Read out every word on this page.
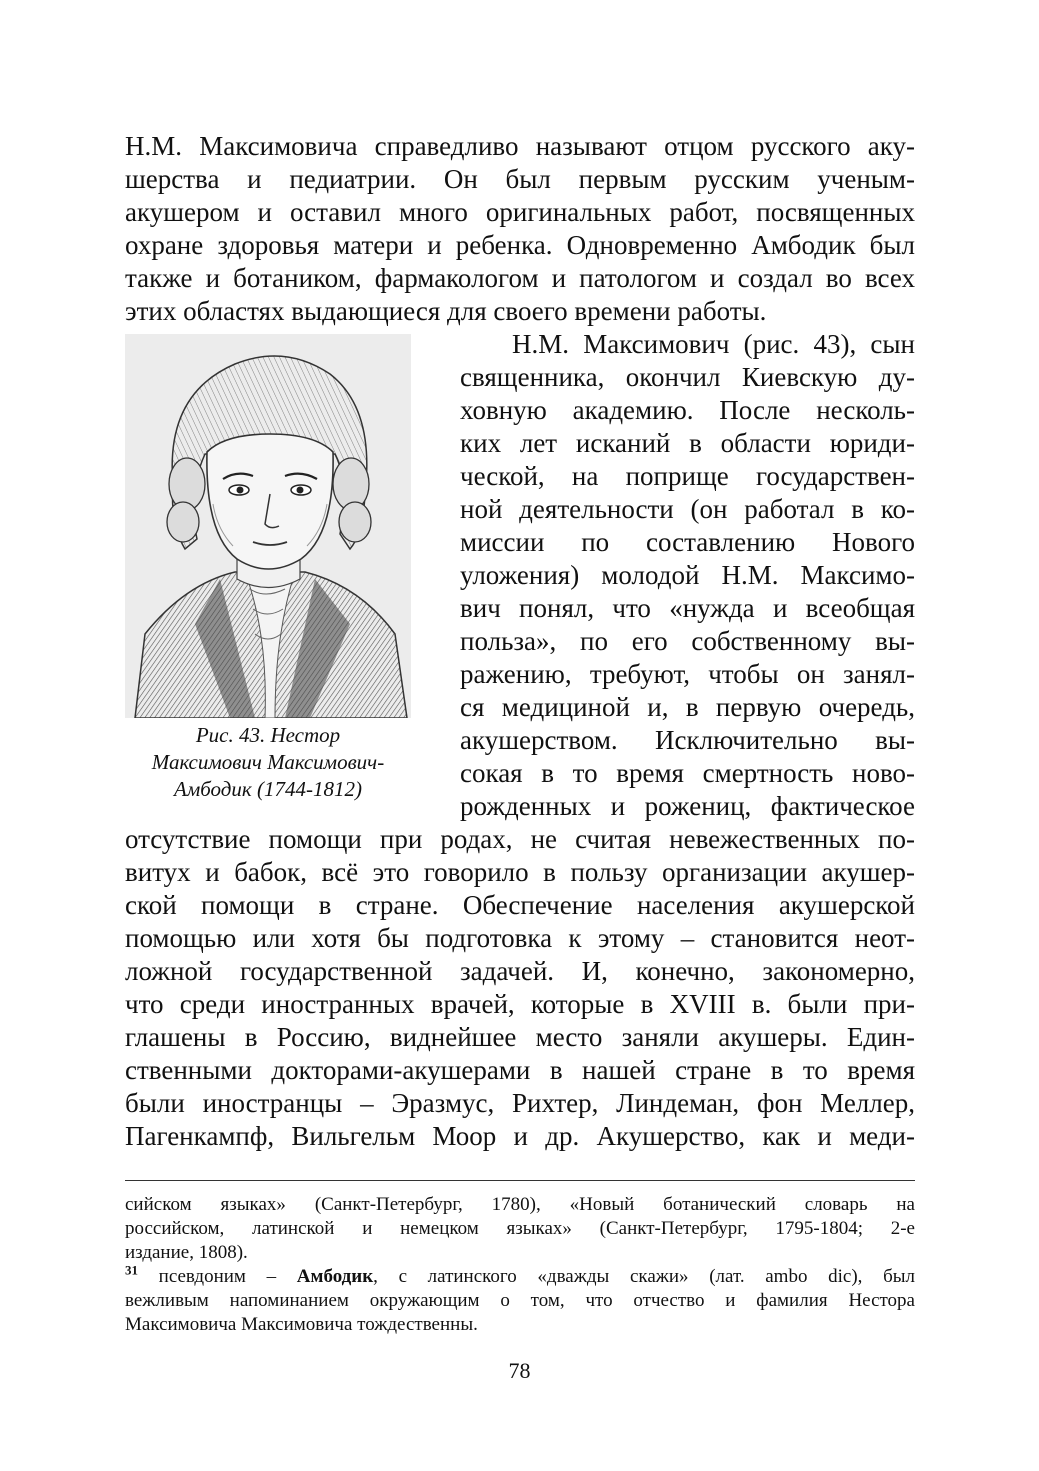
Н.М. Максимовича справедливо называют отцом русского аку-
шерства и педиатрии. Он был первым русским ученым-
акушером и оставил много оригинальных работ, посвященных
охране здоровья матери и ребенка. Одновременно Амбодик был
также и ботаником, фармакологом и патологом и создал во всех
этих областях выдающиеся для своего времени работы.
Рис. 43. Нестор
Максимович Максимович-
Амбодик (1744-1812)
Н.М. Максимович (рис. 43), сын
священника, окончил Киевскую ду-
ховную академию. После несколь-
ких лет исканий в области юриди-
ческой, на поприще государствен-
ной деятельности (он работал в ко-
миссии по составлению Нового
уложения) молодой Н.М. Максимо-
вич понял, что «нужда и всеобщая
польза», по его собственному вы-
ражению, требуют, чтобы он занял-
ся медициной и, в первую очередь,
акушерством. Исключительно вы-
сокая в то время смертность ново-
рожденных и рожениц, фактическое
отсутствие помощи при родах, не считая невежественных по-
витух и бабок, всё это говорило в пользу организации акушер-
ской помощи в стране. Обеспечение населения акушерской
помощью или хотя бы подготовка к этому – становится неот-
ложной государственной задачей. И, конечно, закономерно,
что среди иностранных врачей, которые в XVIII в. были при-
глашены в Россию, виднейшее место заняли акушеры. Един-
ственными докторами-акушерами в нашей стране в то время
были иностранцы – Эразмус, Рихтер, Линдеман, фон Меллер,
Пагенкампф, Вильгельм Моор и др. Акушерство, как и меди-
сийском языках» (Санкт-Петербург, 1780), «Новый ботанический словарь на
российском, латинской и немецком языках» (Санкт-Петербург, 1795-1804; 2-е
издание, 1808).
$^{31}$ псевдоним – Амбодик, с латинского «дважды скажи» (лат. ambo dic), был
вежливым напоминанием окружающим о том, что отчество и фамилия Нестора
Максимовича Максимовича тождественны.
78
